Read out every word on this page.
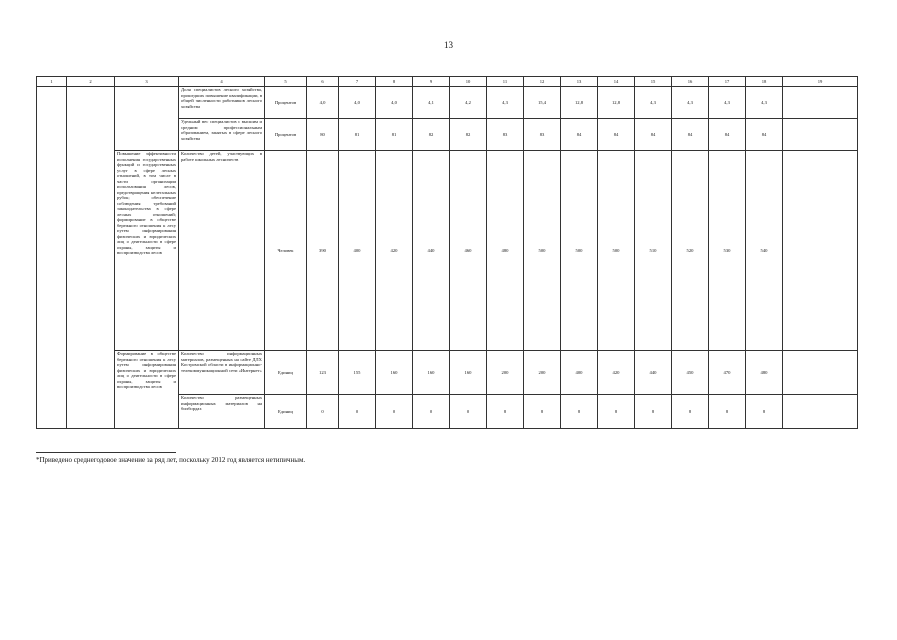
13
1	2	3	4	5	6	7	8	9	10	11	12	13	14	15	16	17	18	19
			Доля специалистов лесного хозяйства, прошедших повышение квалификации, в общей численности работников лесного хозяйства	Процентов	4,0	4,0	4,0	4,1	4,2	4,3	15,4	12,8	12,8	4,3	4,3	4,3	4,3	
			Удельный вес специалистов с высшим и средним профессиональным образованием, занятых в сфере лесного хозяйства	Процентов	80	81	81	82	82	83	83	84	84	84	84	84	84	
		Повышение эффективности исполнения государственных функций и государственных услуг в сфере лесных отношений, в том числе в части организации использования лесов, предотвращения нелегальных рубок; обеспечение соблюдения требований законодательства в сфере лесных отношений; формирование в обществе бережного отношения к лесу путем информирования физических и юридических лиц о деятельности в сфере охраны, защиты и воспроизводства лесов	Количество детей, участвующих в работе школьных лесничеств	Человек	390	400	420	440	460	480	500	500	500	510	520	530	540	
		Формирование в обществе бережного отношения к лесу путем информирования физических и юридических лиц о деятельности в сфере охраны, защиты и воспроизводства лесов	Количество информационных материалов, размещенных на сайте ДЛХ Костромской области в информационно-телекоммуникационной сети «Интернет»	Единиц	123	155	160	160	160	200	200	400	420	440	450	470	480	
			Количество размещенных информационных материалов на билбордах	Единиц	0	0	0	0	0	8	8	8	8	8	8	8	8	
*Приведено среднегодовое значение за ряд лет, поскольку 2012 год является нетипичным.
